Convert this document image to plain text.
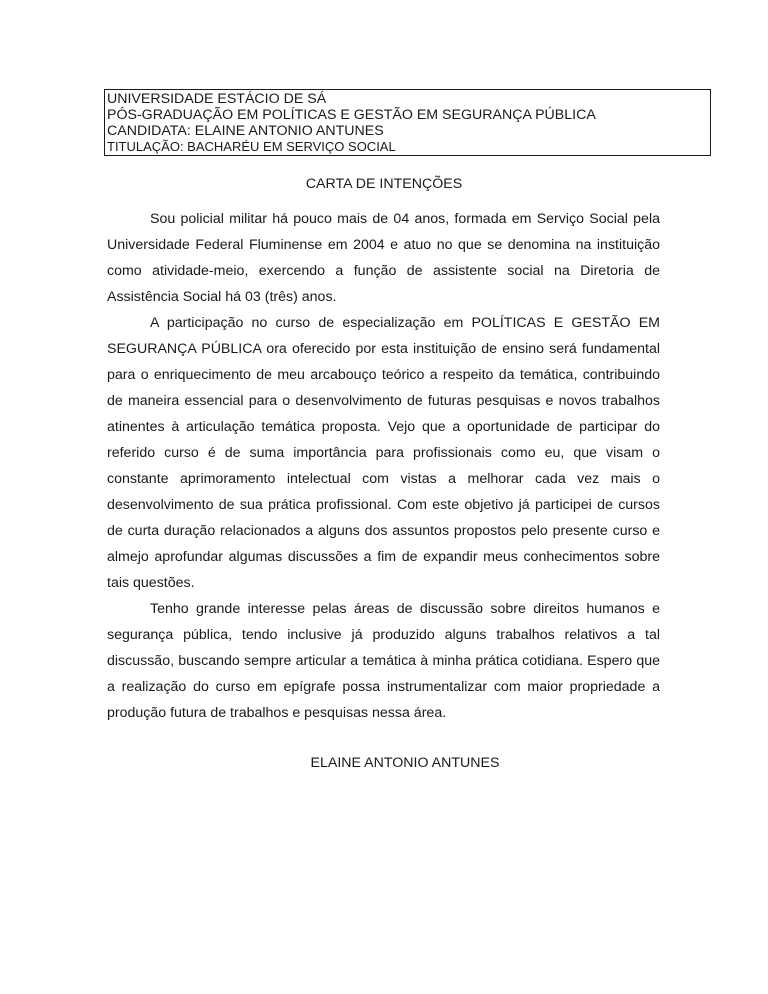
UNIVERSIDADE ESTÁCIO DE SÁ
PÓS-GRADUAÇÃO EM POLÍTICAS E GESTÃO EM SEGURANÇA PÚBLICA
CANDIDATA: ELAINE ANTONIO ANTUNES
TITULAÇÃO: BACHARÉU EM SERVIÇO SOCIAL
CARTA DE INTENÇÕES

Sou policial militar há pouco mais de 04 anos, formada em Serviço Social pela Universidade Federal Fluminense em 2004 e atuo no que se denomina na instituição como atividade-meio, exercendo a função de assistente social na Diretoria de Assistência Social há 03 (três) anos.

A participação no curso de especialização em POLÍTICAS E GESTÃO EM SEGURANÇA PÚBLICA ora oferecido por esta instituição de ensino será fundamental para o enriquecimento de meu arcabouço teórico a respeito da temática, contribuindo de maneira essencial para o desenvolvimento de futuras pesquisas e novos trabalhos atinentes à articulação temática proposta. Vejo que a oportunidade de participar do referido curso é de suma importância para profissionais como eu, que visam o constante aprimoramento intelectual com vistas a melhorar cada vez mais o desenvolvimento de sua prática profissional. Com este objetivo já participei de cursos de curta duração relacionados a alguns dos assuntos propostos pelo presente curso e almejo aprofundar algumas discussões a fim de expandir meus conhecimentos sobre tais questões.

Tenho grande interesse pelas áreas de discussão sobre direitos humanos e segurança pública, tendo inclusive já produzido alguns trabalhos relativos a tal discussão, buscando sempre articular a temática à minha prática cotidiana. Espero que a realização do curso em epígrafe possa instrumentalizar com maior propriedade a produção futura de trabalhos e pesquisas nessa área.

ELAINE ANTONIO ANTUNES
